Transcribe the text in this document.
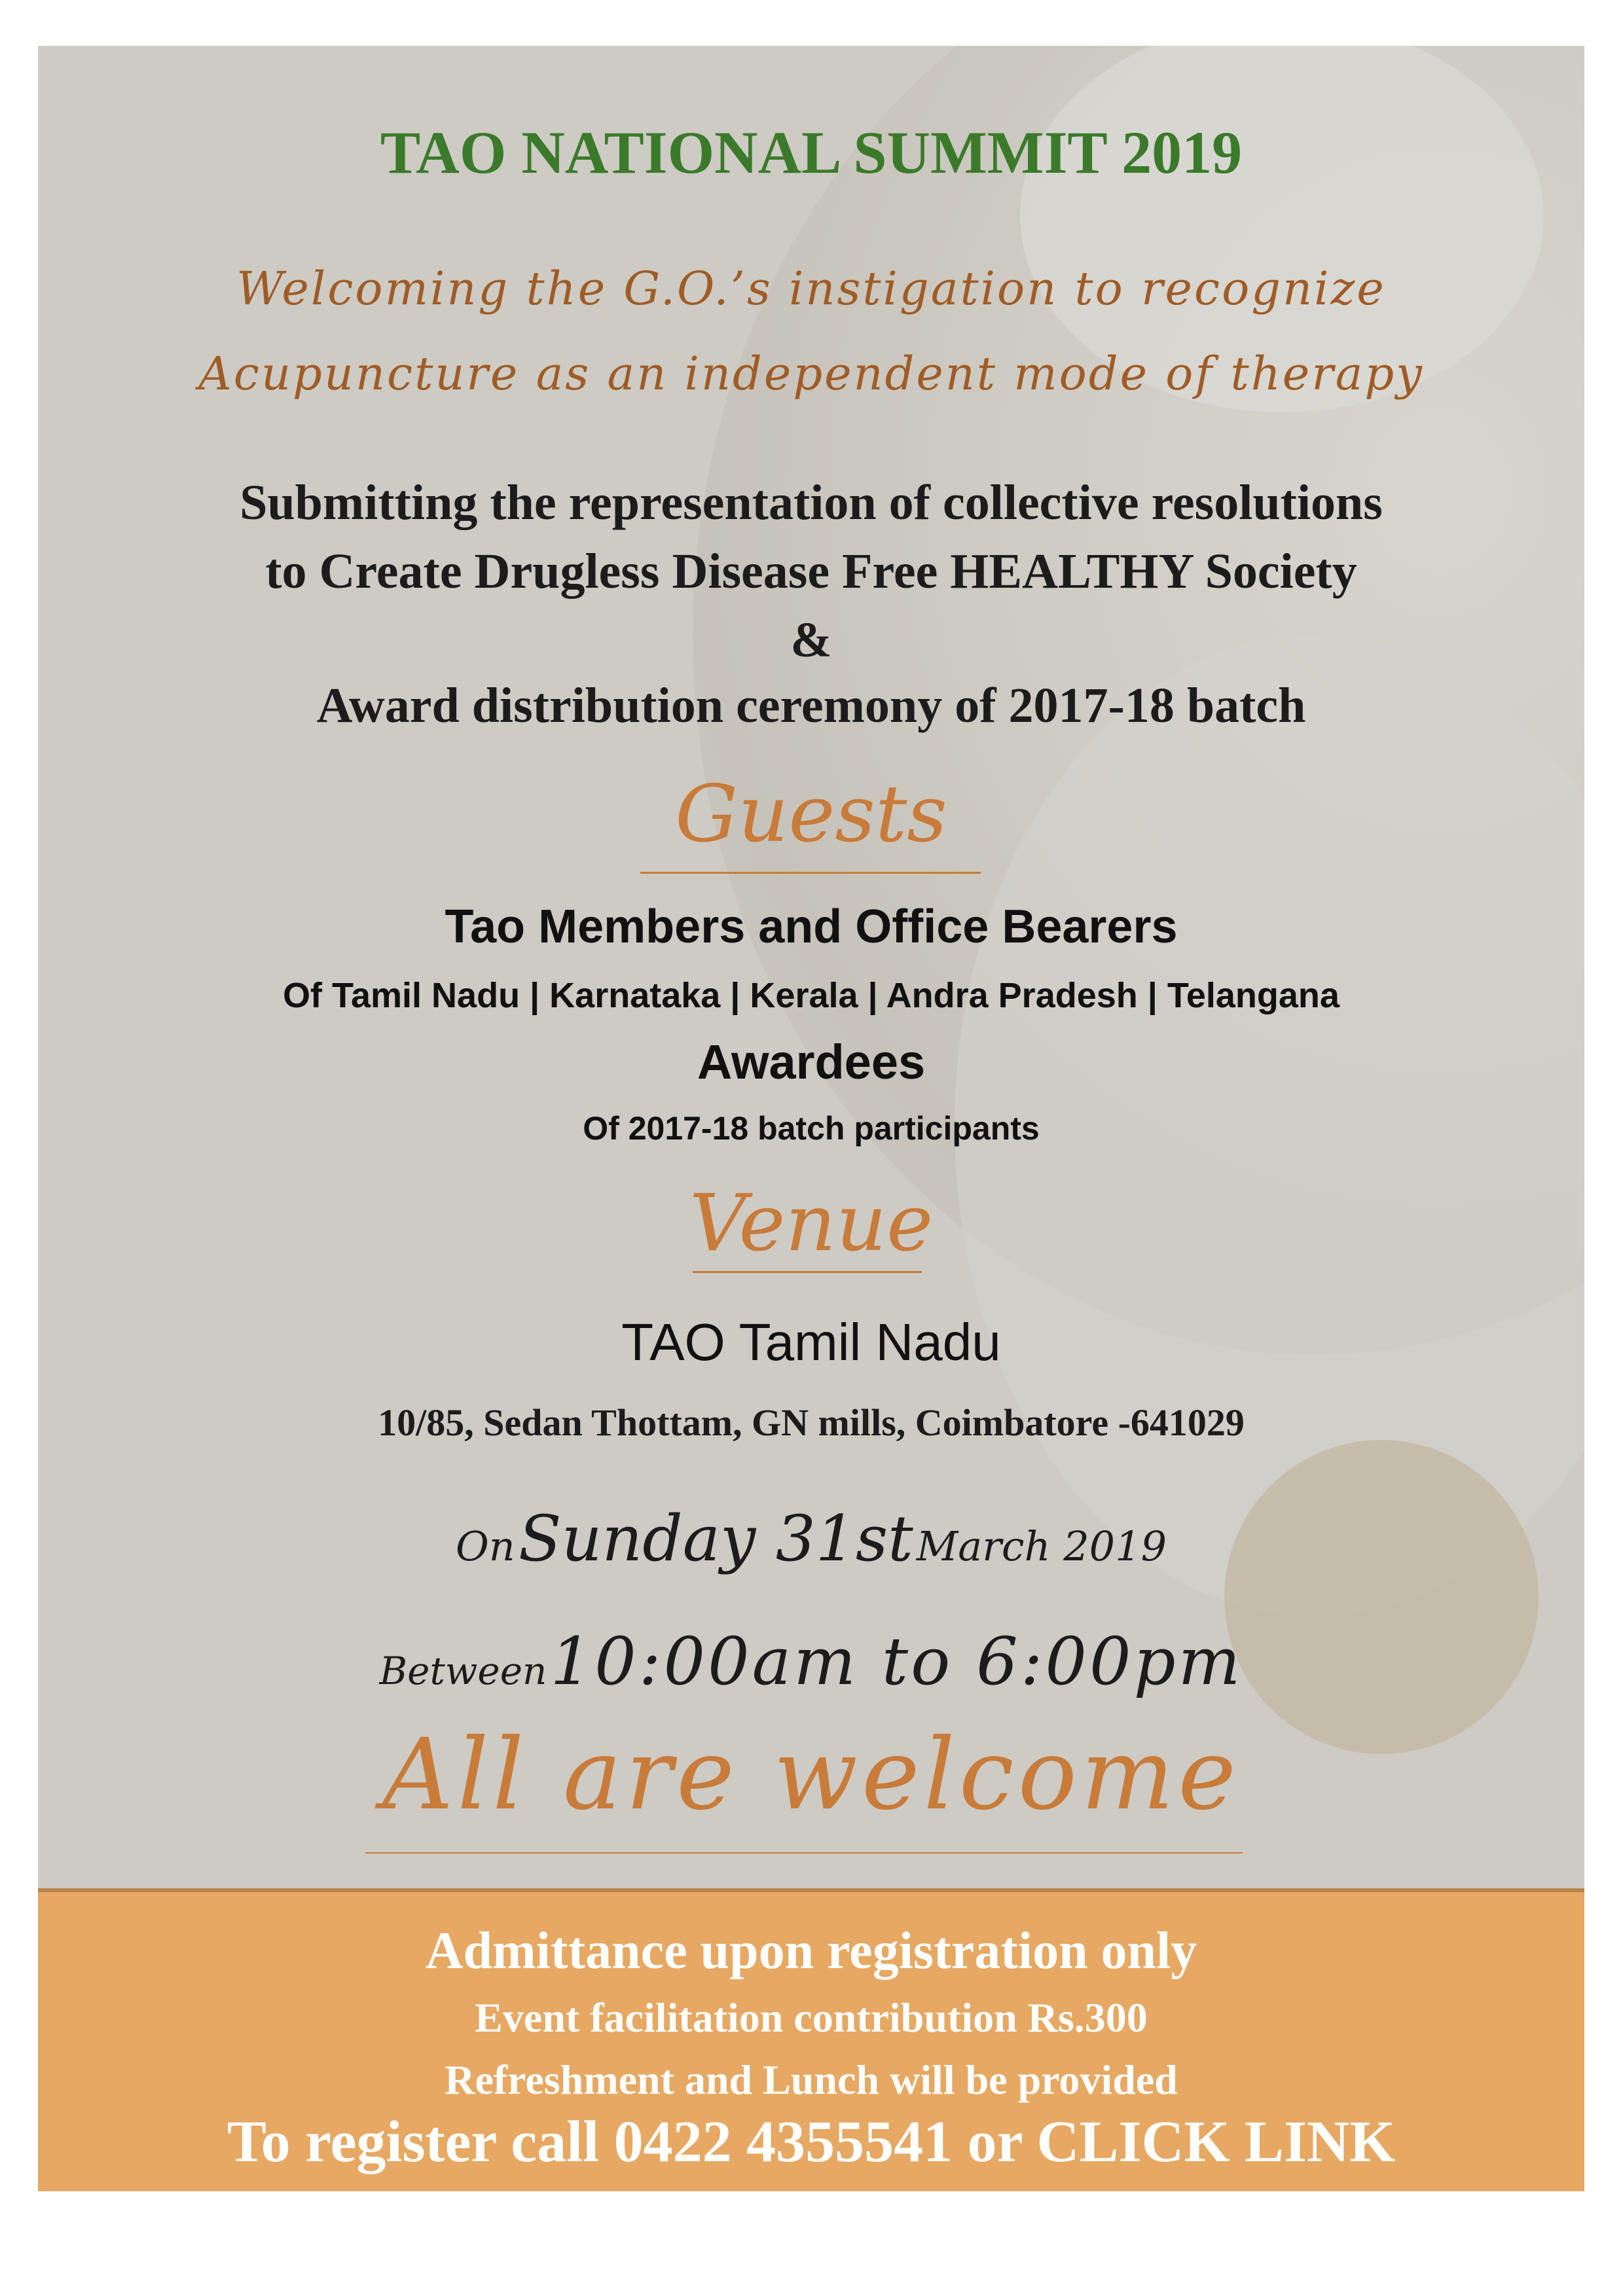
TAO NATIONAL SUMMIT 2019
Welcoming the G.O.’s instigation to recognize
Acupuncture as an independent mode of therapy
Submitting the representation of collective resolutions
to Create Drugless Disease Free HEALTHY Society
&
Award distribution ceremony of 2017-18 batch
Guests
Tao Members and Office Bearers
Of Tamil Nadu | Karnataka | Kerala | Andra Pradesh | Telangana
Awardees
Of 2017-18 batch participants
Venue
TAO Tamil Nadu
10/85, Sedan Thottam, GN mills, Coimbatore -641029
On Sunday 31st March 2019
Between 10:00am to 6:00pm
All are welcome
Admittance upon registration only
Event facilitation contribution Rs.300
Refreshment and Lunch will be provided
To register call 0422 4355541 or CLICK LINK
